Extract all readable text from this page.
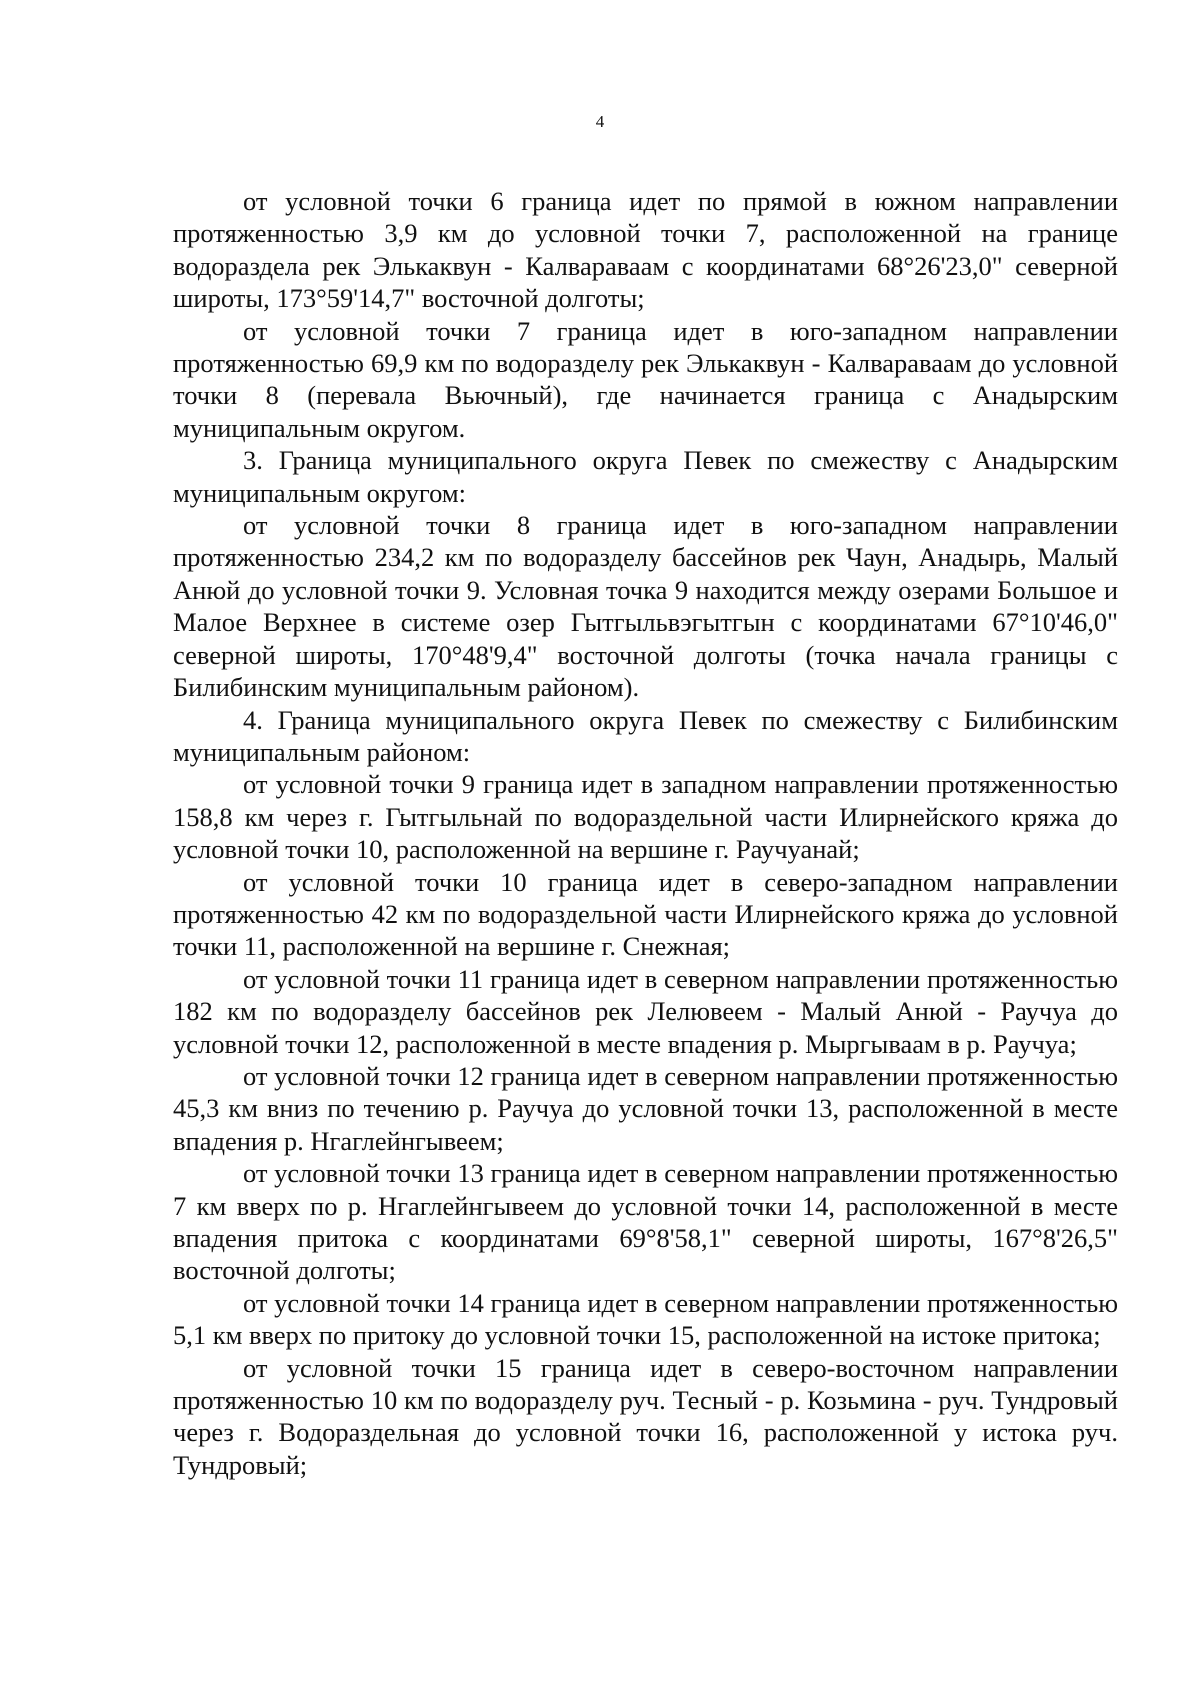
4

от условной точки 6 граница идет по прямой в южном направлении протяженностью 3,9 км до условной точки 7, расположенной на границе водораздела рек Элькаквун - Калвараваам с координатами 68°26'23,0" северной широты, 173°59'14,7" восточной долготы;

от условной точки 7 граница идет в юго-западном направлении протяженностью 69,9 км по водоразделу рек Элькаквун - Калвараваам до условной точки 8 (перевала Вьючный), где начинается граница с Анадырским муниципальным округом.

3. Граница муниципального округа Певек по смежеству с Анадырским муниципальным округом:

от условной точки 8 граница идет в юго-западном направлении протяженностью 234,2 км по водоразделу бассейнов рек Чаун, Анадырь, Малый Анюй до условной точки 9. Условная точка 9 находится между озерами Большое и Малое Верхнее в системе озер Гытгыльвэгытгын с координатами 67°10'46,0" северной широты, 170°48'9,4" восточной долготы (точка начала границы с Билибинским муниципальным районом).

4. Граница муниципального округа Певек по смежеству с Билибинским муниципальным районом:

от условной точки 9 граница идет в западном направлении протяженностью 158,8 км через г. Гытгыльнай по водораздельной части Илирнейского кряжа до условной точки 10, расположенной на вершине г. Раучуанай;

от условной точки 10 граница идет в северо-западном направлении протяженностью 42 км по водораздельной части Илирнейского кряжа до условной точки 11, расположенной на вершине г. Снежная;

от условной точки 11 граница идет в северном направлении протяженностью 182 км по водоразделу бассейнов рек Лелювеем - Малый Анюй - Раучуа до условной точки 12, расположенной в месте впадения р. Мыргываам в р. Раучуа;

от условной точки 12 граница идет в северном направлении протяженностью 45,3 км вниз по течению р. Раучуа до условной точки 13, расположенной в месте впадения р. Нгаглейнгывеем;

от условной точки 13 граница идет в северном направлении протяженностью 7 км вверх по р. Нгаглейнгывеем до условной точки 14, расположенной в месте впадения притока с координатами 69°8'58,1" северной широты, 167°8'26,5" восточной долготы;

от условной точки 14 граница идет в северном направлении протяженностью 5,1 км вверх по притоку до условной точки 15, расположенной на истоке притока;

от условной точки 15 граница идет в северо-восточном направлении протяженностью 10 км по водоразделу руч. Тесный - р. Козьмина - руч. Тундровый через г. Водораздельная до условной точки 16, расположенной у истока руч. Тундровый;
